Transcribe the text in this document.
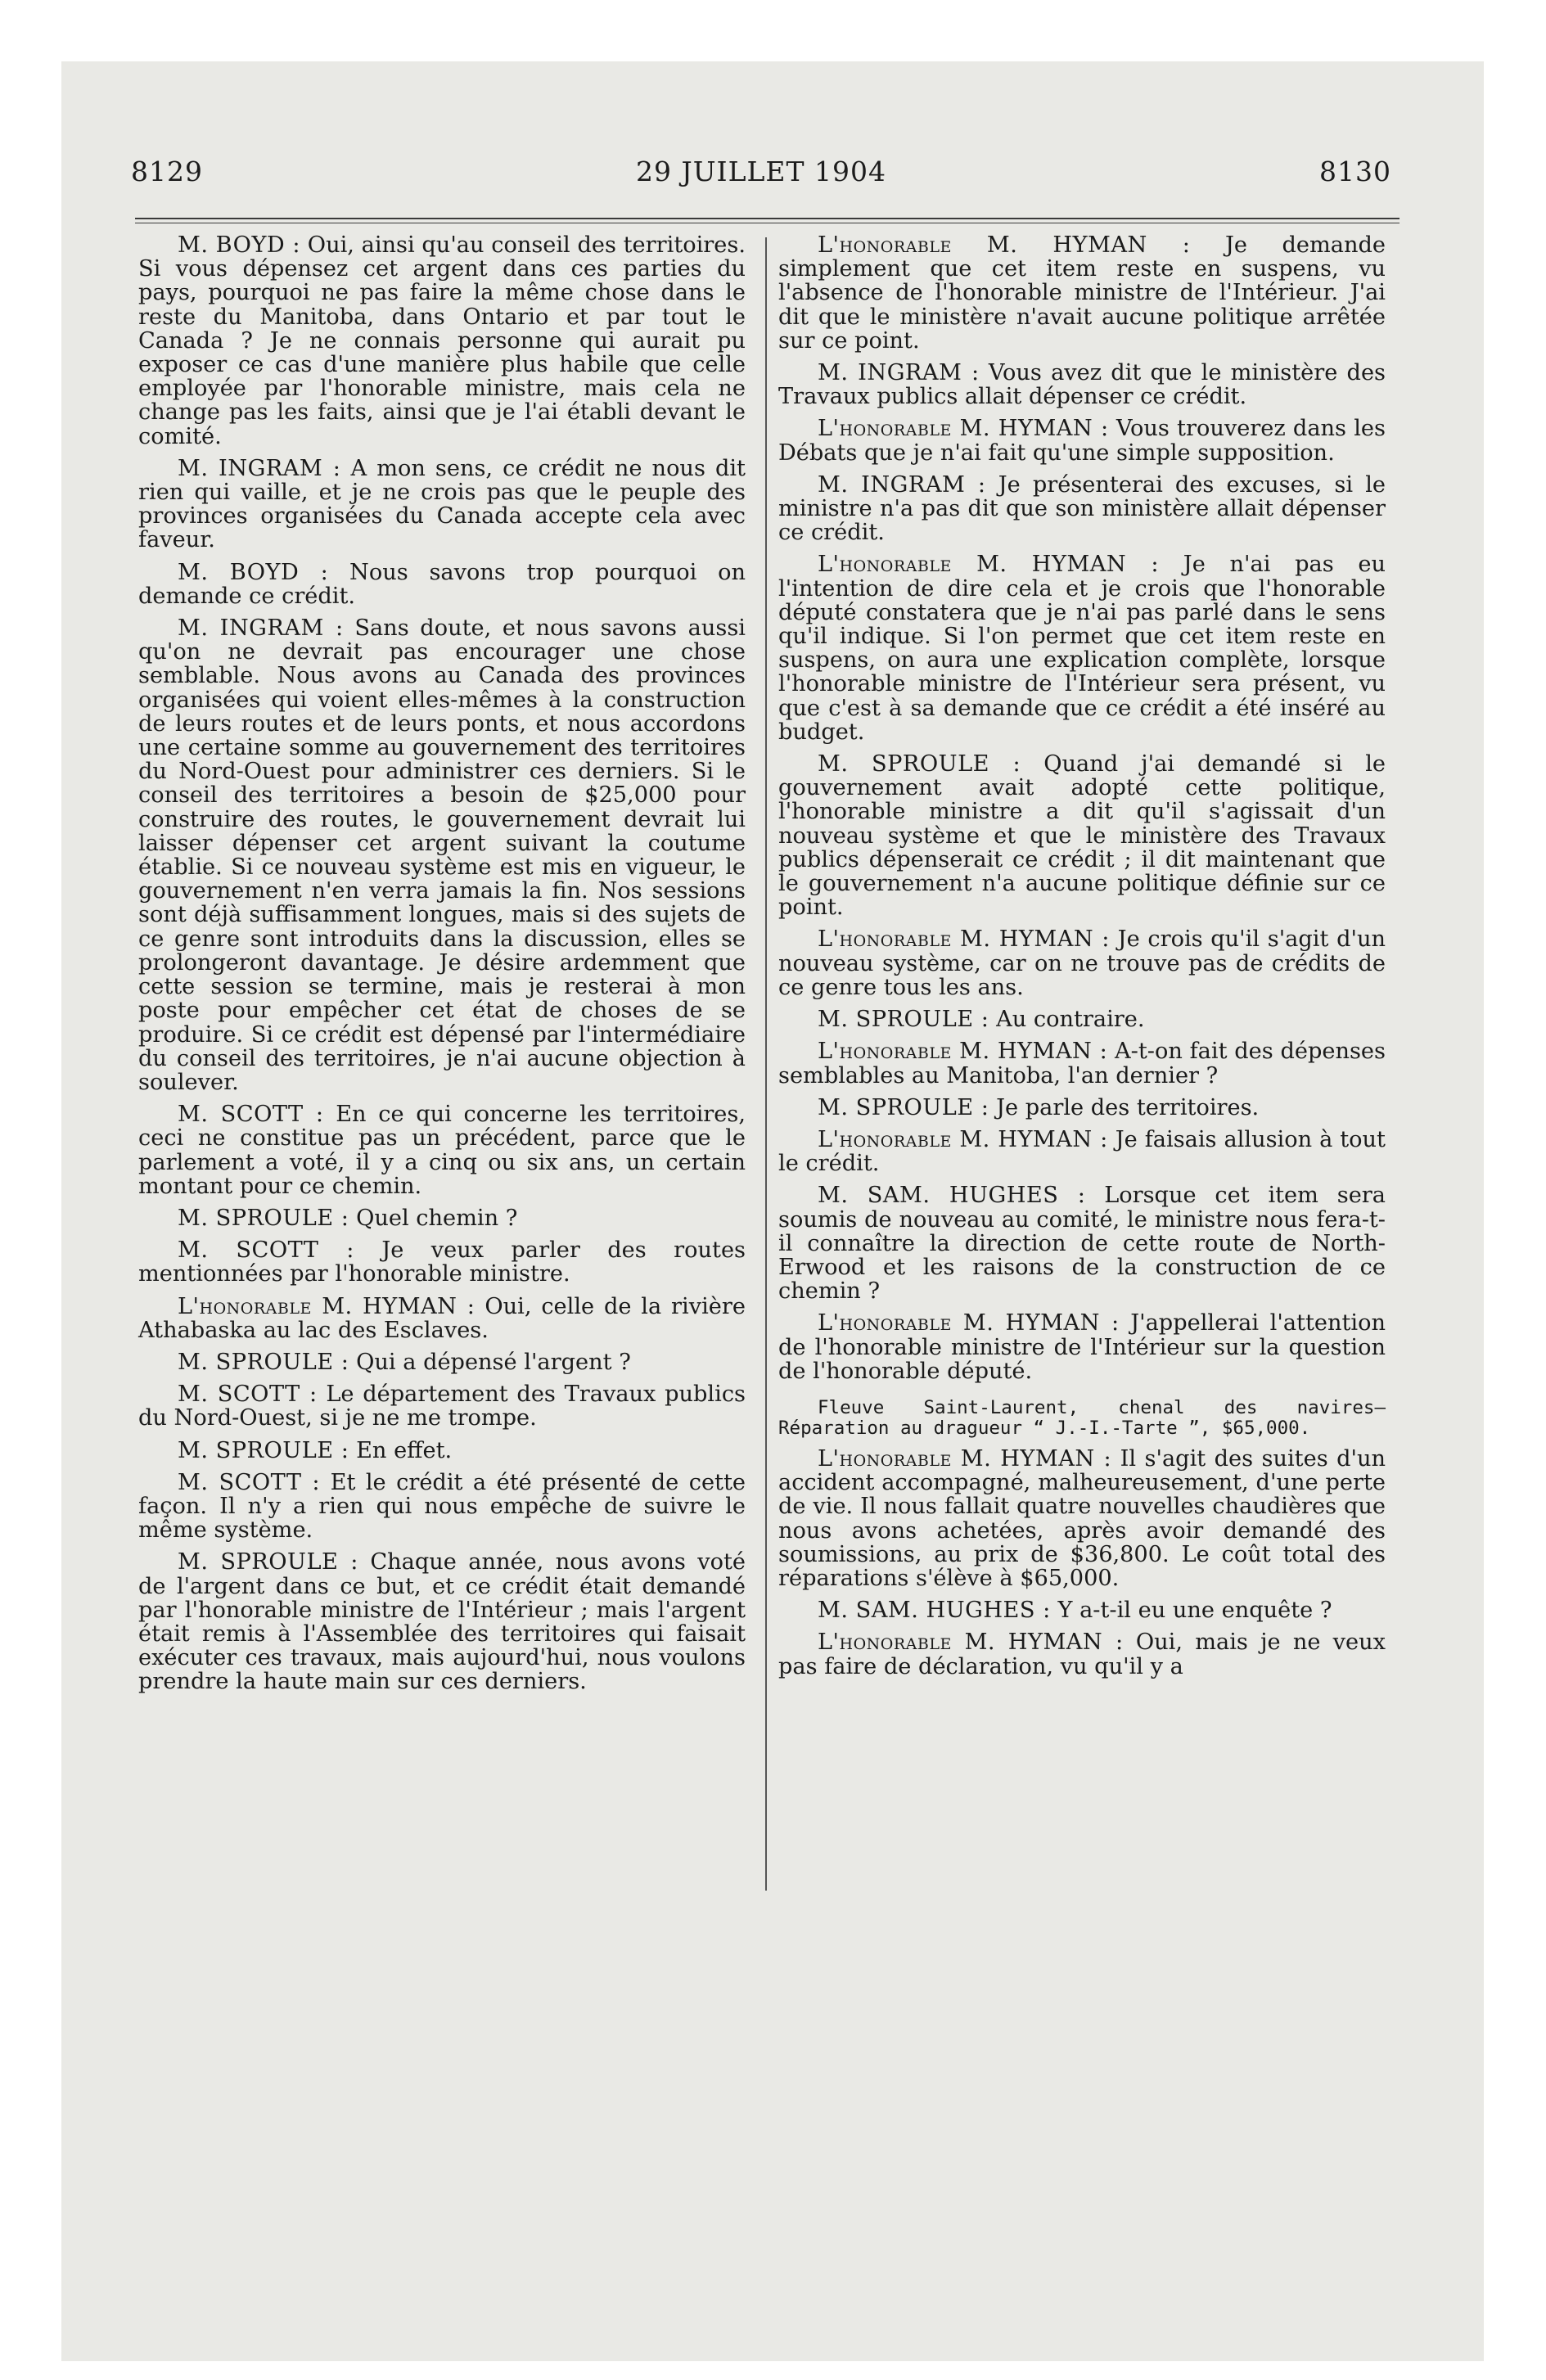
8129	29 JUILLET 1904	8130

M. BOYD : Oui, ainsi qu'au conseil des territoires. Si vous dépensez cet argent dans ces parties du pays, pourquoi ne pas faire la même chose dans le reste du Manitoba, dans Ontario et par tout le Canada ? Je ne connais personne qui aurait pu exposer ce cas d'une manière plus habile que celle employée par l'honorable ministre, mais cela ne change pas les faits, ainsi que je l'ai établi devant le comité.

M. INGRAM : A mon sens, ce crédit ne nous dit rien qui vaille, et je ne crois pas que le peuple des provinces organisées du Canada accepte cela avec faveur.

M. BOYD : Nous savons trop pourquoi on demande ce crédit.

M. INGRAM : Sans doute, et nous savons aussi qu'on ne devrait pas encourager une chose semblable. Nous avons au Canada des provinces organisées qui voient elles-mêmes à la construction de leurs routes et de leurs ponts, et nous accordons une certaine somme au gouvernement des territoires du Nord-Ouest pour administrer ces derniers. Si le conseil des territoires a besoin de $25,000 pour construire des routes, le gouvernement devrait lui laisser dépenser cet argent suivant la coutume établie. Si ce nouveau système est mis en vigueur, le gouvernement n'en verra jamais la fin. Nos sessions sont déjà suffisamment longues, mais si des sujets de ce genre sont introduits dans la discussion, elles se prolongeront davantage. Je désire ardemment que cette session se termine, mais je resterai à mon poste pour empêcher cet état de choses de se produire. Si ce crédit est dépensé par l'intermédiaire du conseil des territoires, je n'ai aucune objection à soulever.

M. SCOTT : En ce qui concerne les territoires, ceci ne constitue pas un précédent, parce que le parlement a voté, il y a cinq ou six ans, un certain montant pour ce chemin.

M. SPROULE : Quel chemin ?

M. SCOTT : Je veux parler des routes mentionnées par l'honorable ministre.

L'honorable M. HYMAN : Oui, celle de la rivière Athabaska au lac des Esclaves.

M. SPROULE : Qui a dépensé l'argent ?

M. SCOTT : Le département des Travaux publics du Nord-Ouest, si je ne me trompe.

M. SPROULE : En effet.

M. SCOTT : Et le crédit a été présenté de cette façon. Il n'y a rien qui nous empêche de suivre le même système.

M. SPROULE : Chaque année, nous avons voté de l'argent dans ce but, et ce crédit était demandé par l'honorable ministre de l'Intérieur ; mais l'argent était remis à l'Assemblée des territoires qui faisait exécuter ces travaux, mais aujourd'hui, nous voulons prendre la haute main sur ces derniers.

L'honorable M. HYMAN : Je demande simplement que cet item reste en suspens, vu l'absence de l'honorable ministre de l'Intérieur. J'ai dit que le ministère n'avait aucune politique arrêtée sur ce point.

M. INGRAM : Vous avez dit que le ministère des Travaux publics allait dépenser ce crédit.

L'honorable M. HYMAN : Vous trouverez dans les Débats que je n'ai fait qu'une simple supposition.

M. INGRAM : Je présenterai des excuses, si le ministre n'a pas dit que son ministère allait dépenser ce crédit.

L'honorable M. HYMAN : Je n'ai pas eu l'intention de dire cela et je crois que l'honorable député constatera que je n'ai pas parlé dans le sens qu'il indique. Si l'on permet que cet item reste en suspens, on aura une explication complète, lorsque l'honorable ministre de l'Intérieur sera présent, vu que c'est à sa demande que ce crédit a été inséré au budget.

M. SPROULE : Quand j'ai demandé si le gouvernement avait adopté cette politique, l'honorable ministre a dit qu'il s'agissait d'un nouveau système et que le ministère des Travaux publics dépenserait ce crédit ; il dit maintenant que le gouvernement n'a aucune politique définie sur ce point.

L'honorable M. HYMAN : Je crois qu'il s'agit d'un nouveau système, car on ne trouve pas de crédits de ce genre tous les ans.

M. SPROULE : Au contraire.

L'honorable M. HYMAN : A-t-on fait des dépenses semblables au Manitoba, l'an dernier ?

M. SPROULE : Je parle des territoires.

L'honorable M. HYMAN : Je faisais allusion à tout le crédit.

M. SAM. HUGHES : Lorsque cet item sera soumis de nouveau au comité, le ministre nous fera-t-il connaître la direction de cette route de North-Erwood et les raisons de la construction de ce chemin ?

L'honorable M. HYMAN : J'appellerai l'attention de l'honorable ministre de l'Intérieur sur la question de l'honorable député.

Fleuve Saint-Laurent, chenal des navires— Réparation au dragueur “ J.-I.-Tarte ”, $65,000.

L'honorable M. HYMAN : Il s'agit des suites d'un accident accompagné, malheureusement, d'une perte de vie. Il nous fallait quatre nouvelles chaudières que nous avons achetées, après avoir demandé des soumissions, au prix de $36,800. Le coût total des réparations s'élève à $65,000.

M. SAM. HUGHES : Y a-t-il eu une enquête ?

L'honorable M. HYMAN : Oui, mais je ne veux pas faire de déclaration, vu qu'il y a
